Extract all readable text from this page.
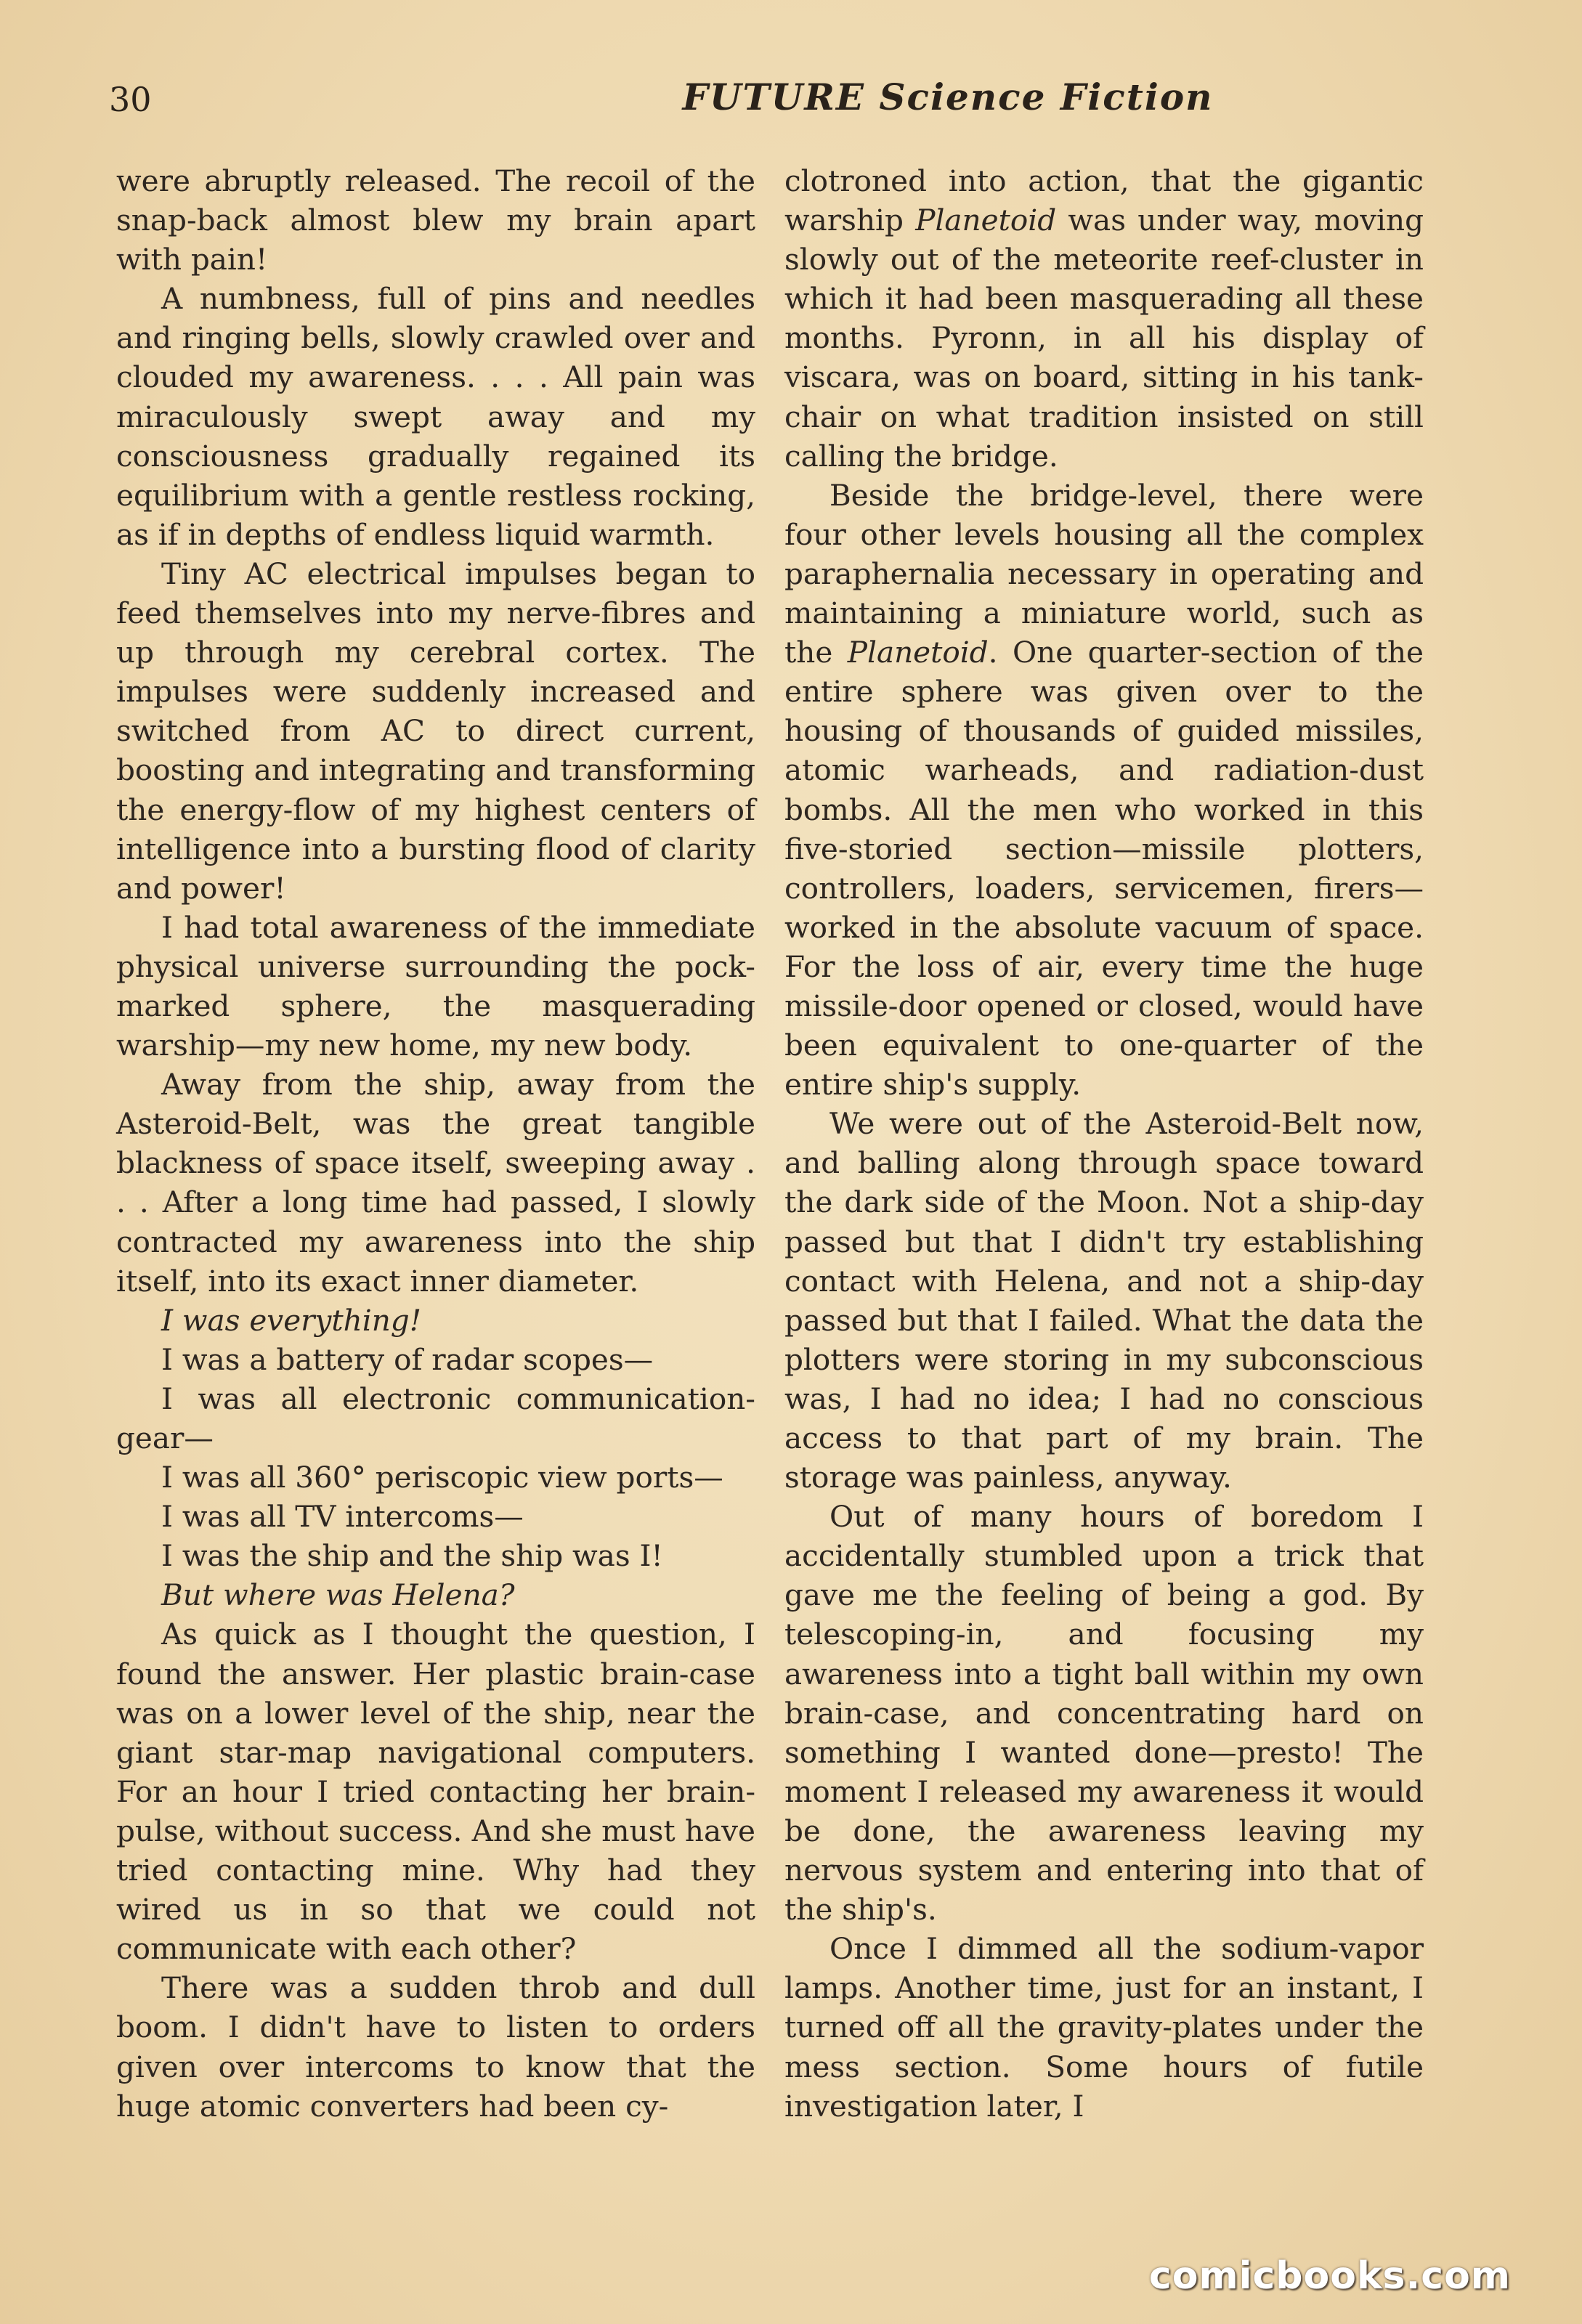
30	FUTURE Science Fiction

were abruptly released. The recoil of the snap-back almost blew my brain apart with pain!

A numbness, full of pins and needles and ringing bells, slowly crawled over and clouded my awareness. . . . All pain was miraculously swept away and my consciousness gradually regained its equilibrium with a gentle restless rocking, as if in depths of endless liquid warmth.

Tiny AC electrical impulses began to feed themselves into my nerve-fibres and up through my cerebral cortex. The impulses were suddenly increased and switched from AC to direct current, boosting and integrating and transforming the energy-flow of my highest centers of intelligence into a bursting flood of clarity and power!

I had total awareness of the immediate physical universe surrounding the pock-marked sphere, the masquerading warship—my new home, my new body.

Away from the ship, away from the Asteroid-Belt, was the great tangible blackness of space itself, sweeping away . . . After a long time had passed, I slowly contracted my awareness into the ship itself, into its exact inner diameter.

I was everything!

I was a battery of radar scopes—

I was all electronic communication-gear—

I was all 360° periscopic view ports—

I was all TV intercoms—

I was the ship and the ship was I!

But where was Helena?

As quick as I thought the question, I found the answer. Her plastic brain-case was on a lower level of the ship, near the giant star-map navigational computers. For an hour I tried contacting her brain-pulse, without success. And she must have tried contacting mine. Why had they wired us in so that we could not communicate with each other?

There was a sudden throb and dull boom. I didn't have to listen to orders given over intercoms to know that the huge atomic converters had been cy-

clotroned into action, that the gigantic warship Planetoid was under way, moving slowly out of the meteorite reef-cluster in which it had been masquerading all these months. Pyronn, in all his display of viscara, was on board, sitting in his tank-chair on what tradition insisted on still calling the bridge.

Beside the bridge-level, there were four other levels housing all the complex paraphernalia necessary in operating and maintaining a miniature world, such as the Planetoid. One quarter-section of the entire sphere was given over to the housing of thousands of guided missiles, atomic warheads, and radiation-dust bombs. All the men who worked in this five-storied section—missile plotters, controllers, loaders, servicemen, firers—worked in the absolute vacuum of space. For the loss of air, every time the huge missile-door opened or closed, would have been equivalent to one-quarter of the entire ship's supply.

We were out of the Asteroid-Belt now, and balling along through space toward the dark side of the Moon. Not a ship-day passed but that I didn't try establishing contact with Helena, and not a ship-day passed but that I failed. What the data the plotters were storing in my subconscious was, I had no idea; I had no conscious access to that part of my brain. The storage was painless, anyway.

Out of many hours of boredom I accidentally stumbled upon a trick that gave me the feeling of being a god. By telescoping-in, and focusing my awareness into a tight ball within my own brain-case, and concentrating hard on something I wanted done—presto! The moment I released my awareness it would be done, the awareness leaving my nervous system and entering into that of the ship's.

Once I dimmed all the sodium-vapor lamps. Another time, just for an instant, I turned off all the gravity-plates under the mess section. Some hours of futile investigation later, I

comicbooks.com
